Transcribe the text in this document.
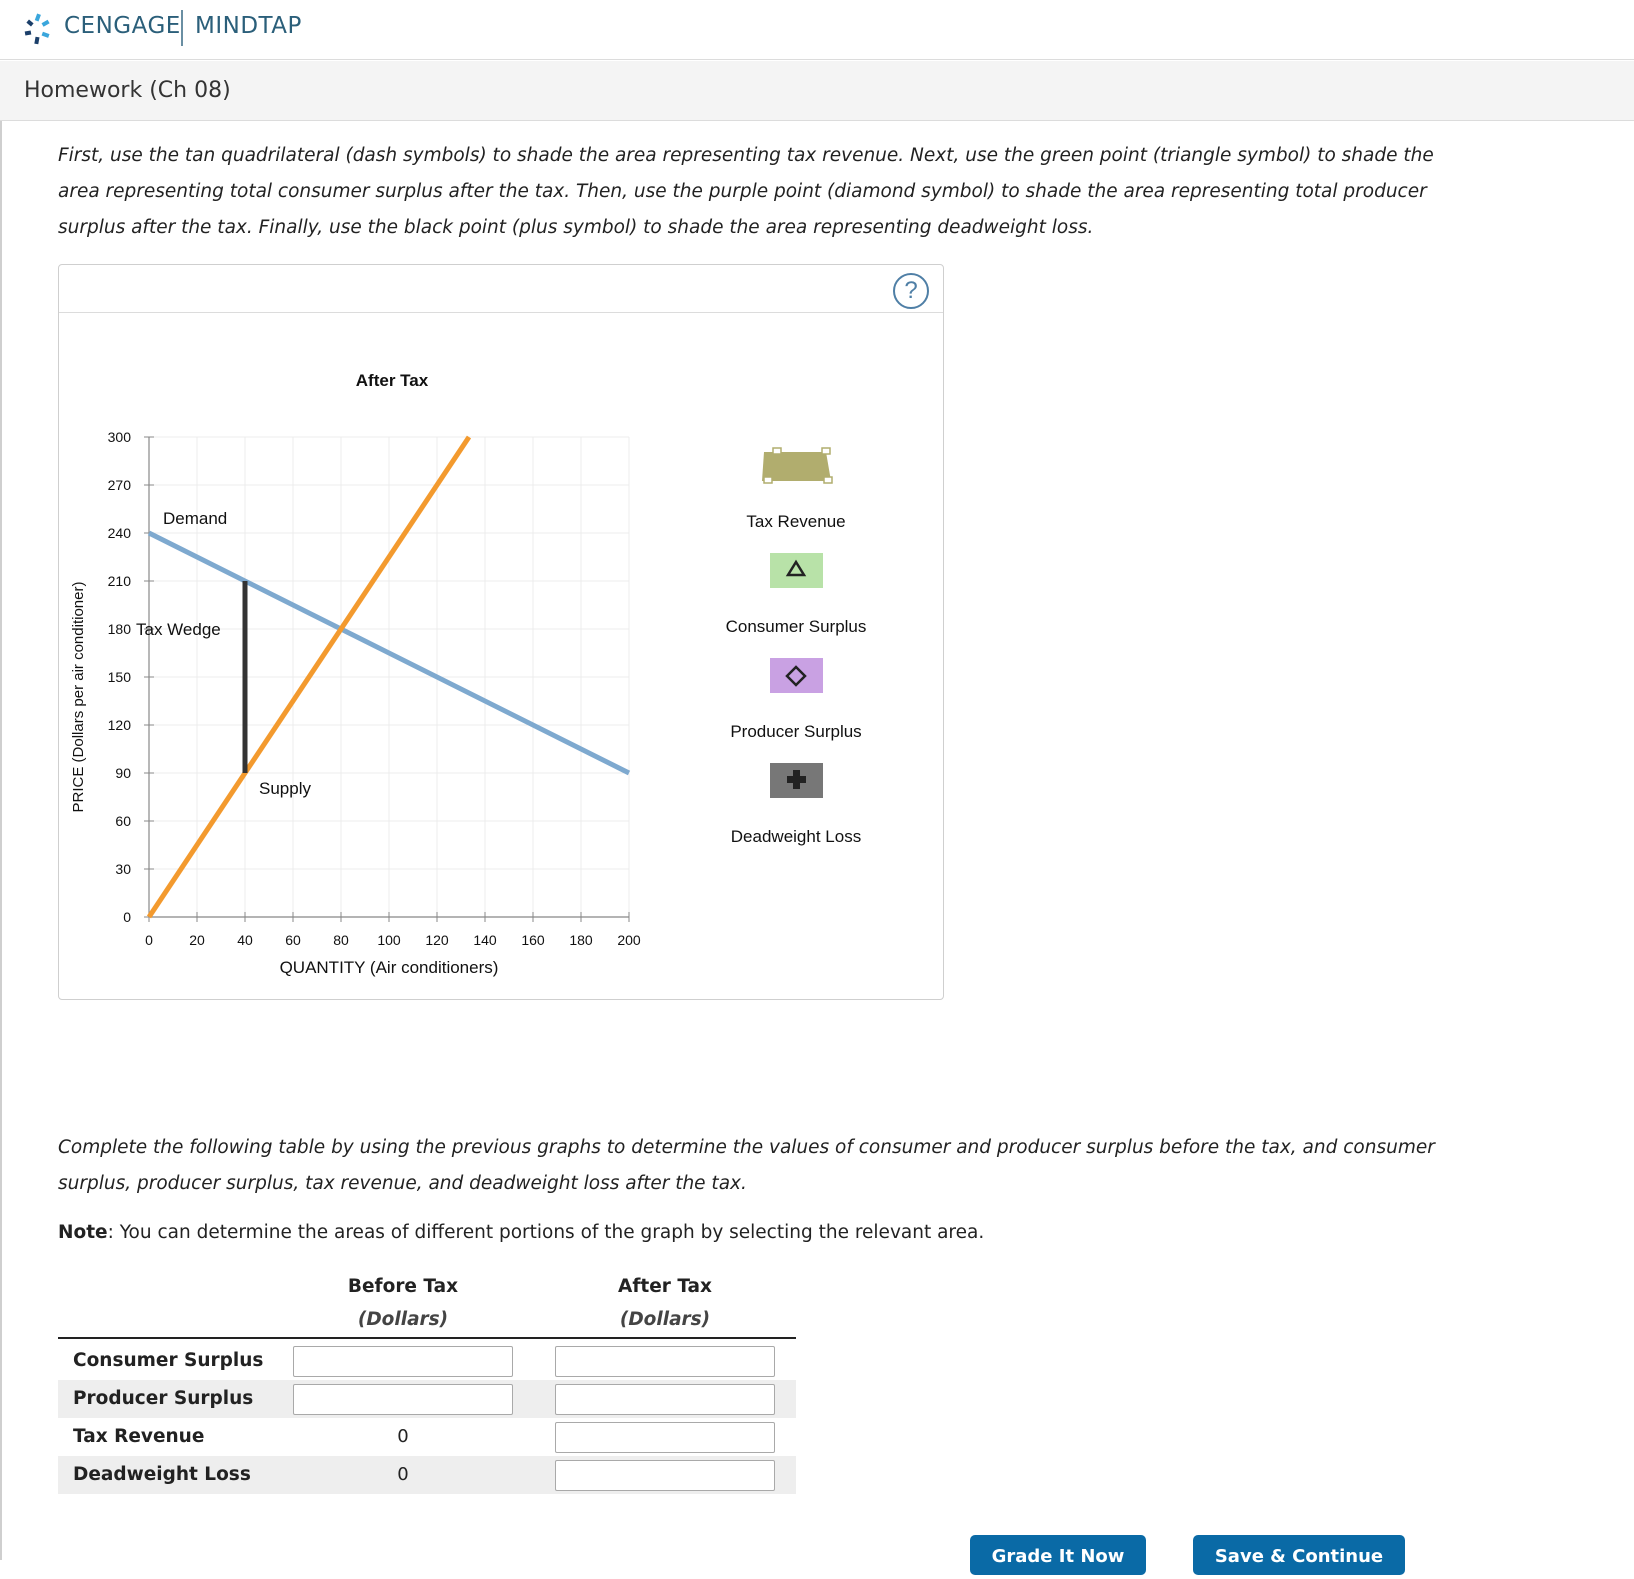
CENGAGE MINDTAP
Homework (Ch 08)
First, use the tan quadrilateral (dash symbols) to shade the area representing tax revenue. Next, use the green point (triangle symbol) to shade the area representing total consumer surplus after the tax. Then, use the purple point (diamond symbol) to shade the area representing total producer surplus after the tax. Finally, use the black point (plus symbol) to shade the area representing deadweight loss.
?
After Tax
0
30
60
90
120
150
180
210
240
270
300
0	20 40 60 80 100 120 140 160 180 200
QUANTITY (Air conditioners)
PRICE (Dollars per air conditioner)
Demand
Tax Wedge
Supply
Tax Revenue
Consumer Surplus
Producer Surplus
Deadweight Loss
Complete the following table by using the previous graphs to determine the values of consumer and producer surplus before the tax, and consumer surplus, producer surplus, tax revenue, and deadweight loss after the tax.
Note: You can determine the areas of different portions of the graph by selecting the relevant area.
Before Tax
(Dollars)
After Tax
(Dollars)
Consumer Surplus
Producer Surplus
Tax Revenue	0
Deadweight Loss	0
Grade It Now	Save & Continue
